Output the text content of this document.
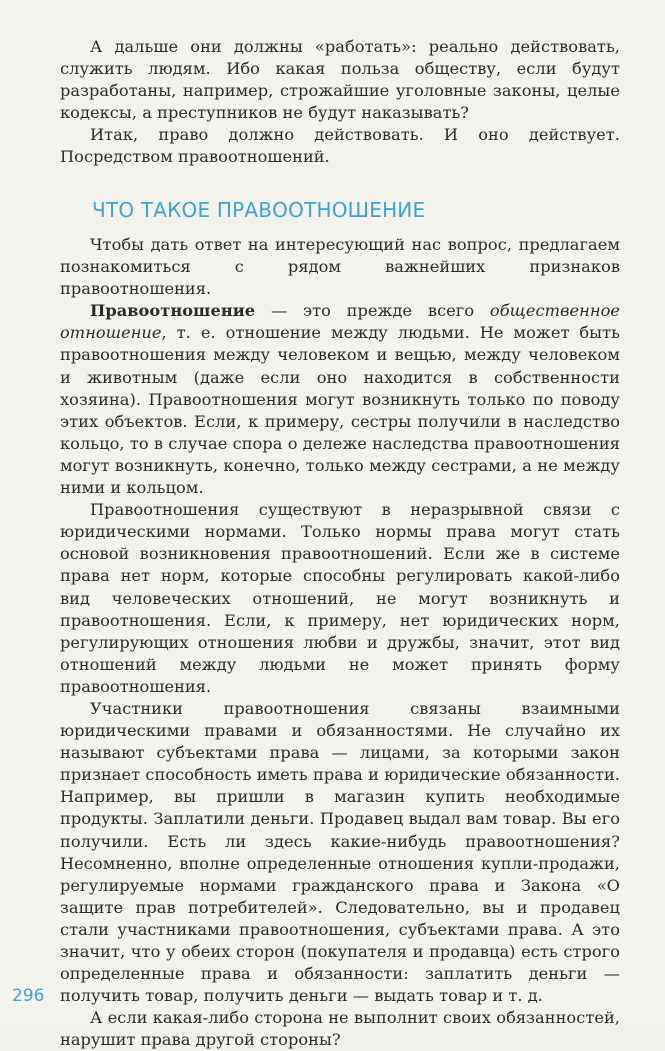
А дальше они должны «работать»: реально действовать, служить людям. Ибо какая польза обществу, если будут разработаны, например, строжайшие уголовные законы, целые кодексы, а преступников не будут наказывать?

Итак, право должно действовать. И оно действует. Посредством правоотношений.

ЧТО ТАКОЕ ПРАВООТНОШЕНИЕ

Чтобы дать ответ на интересующий нас вопрос, предлагаем познакомиться с рядом важнейших признаков правоотношения.

Правоотношение — это прежде всего общественное отношение, т. е. отношение между людьми. Не может быть правоотношения между человеком и вещью, между человеком и животным (даже если оно находится в собственности хозяина). Правоотношения могут возникнуть только по поводу этих объектов. Если, к примеру, сестры получили в наследство кольцо, то в случае спора о дележе наследства правоотношения могут возникнуть, конечно, только между сестрами, а не между ними и кольцом.

Правоотношения существуют в неразрывной связи с юридическими нормами. Только нормы права могут стать основой возникновения правоотношений. Если же в системе права нет норм, которые способны регулировать какой-либо вид человеческих отношений, не могут возникнуть и правоотношения. Если, к примеру, нет юридических норм, регулирующих отношения любви и дружбы, значит, этот вид отношений между людьми не может принять форму правоотношения.

Участники правоотношения связаны взаимными юридическими правами и обязанностями. Не случайно их называют субъектами права — лицами, за которыми закон признает способность иметь права и юридические обязанности. Например, вы пришли в магазин купить необходимые продукты. Заплатили деньги. Продавец выдал вам товар. Вы его получили. Есть ли здесь какие-нибудь правоотношения? Несомненно, вполне определенные отношения купли-продажи, регулируемые нормами гражданского права и Закона «О защите прав потребителей». Следовательно, вы и продавец стали участниками правоотношения, субъектами права. А это значит, что у обеих сторон (покупателя и продавца) есть строго определенные права и обязанности: заплатить деньги — получить товар, получить деньги — выдать товар и т. д.

А если какая-либо сторона не выполнит своих обязанностей, нарушит права другой стороны?

296
